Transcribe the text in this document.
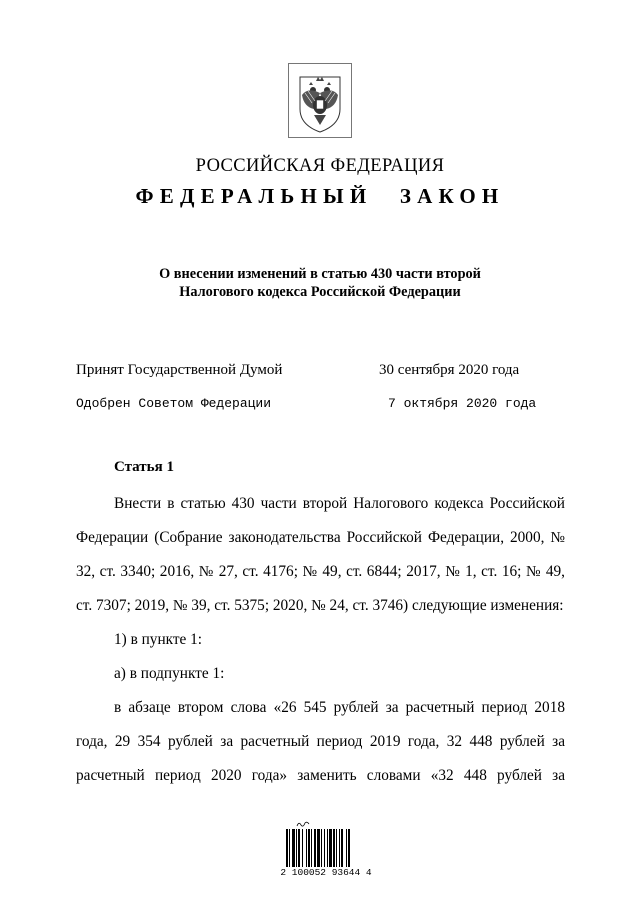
РОССИЙСКАЯ ФЕДЕРАЦИЯ
ФЕДЕРАЛЬНЫЙ ЗАКОН
О внесении изменений в статью 430 части второй
Налогового кодекса Российской Федерации
Принят Государственной Думой	30 сентября 2020 года
Одобрен Советом Федерации	7 октября 2020 года
Статья 1

Внести в статью 430 части второй Налогового кодекса Российской Федерации (Собрание законодательства Российской Федерации, 2000, № 32, ст. 3340; 2016, № 27, ст. 4176; № 49, ст. 6844; 2017, № 1, ст. 16; № 49, ст. 7307; 2019, № 39, ст. 5375; 2020, № 24, ст. 3746) следующие изменения:

1) в пункте 1:

а) в подпункте 1:

в абзаце втором слова «26 545 рублей за расчетный период 2018 года, 29 354 рублей за расчетный период 2019 года, 32 448 рублей за расчетный период 2020 года» заменить словами «32 448 рублей за

2 100052 93644 4
